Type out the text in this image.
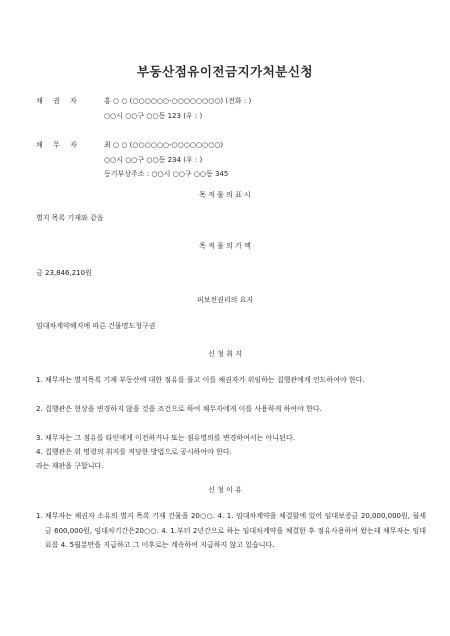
부동산점유이전금지가처분신청
채 권 자	홍 ○ ○ (○○○○○○-○○○○○○○○) (전화 : )
○○시 ○○구 ○○동 123 (우 : )
채 무 자	최 ○ ○ (○○○○○○-○○○○○○○○)
○○시 ○○구 ○○동 234 (우 : )
등기부상주소 : ○○시 ○○구 ○○동 345
목 적 물 의 표 시
별지 목록 기재와 같음
목 적 물 의 가 액
금 23,846,210원
피보전권리의 요지
임대차계약해지에 따른 건물명도청구권
신 청 취 지
1. 채무자는 별지목록 기재 부동산에 대한 점유를 풀고 이를 채권자가 위임하는 집행관에게 인도하여야 한다.
2. 집행관은 현상을 변경하지 않을 것을 조건으로 하여 채무자에게 이를 사용하게 하여야 한다.
3. 채무자는 그 점유를 타인에게 이전하거나 또는 점유명의를 변경하여서는 아니된다.
4. 집행관은 위 명령의 취지를 적당한 방법으로 공시하여야 한다.
라는 재판을 구합니다.
신 청 이 유
1. 채무자는 채권자 소유의 별지 목록 기재 건물을 20○○. 4. 1. 임대차계약을 체결함에 있어 임대보증금 20,000,000원, 월세금 600,000원, 임대차기간은20○○. 4. 1.부터 2년간으로 하는 임대차계약을 체결한 후 점유사용하여 왔는데 채무자는 임대료를 4. 5월분만을 지급하고 그 이후로는 계속하여 지급하지 않고 있습니다.
